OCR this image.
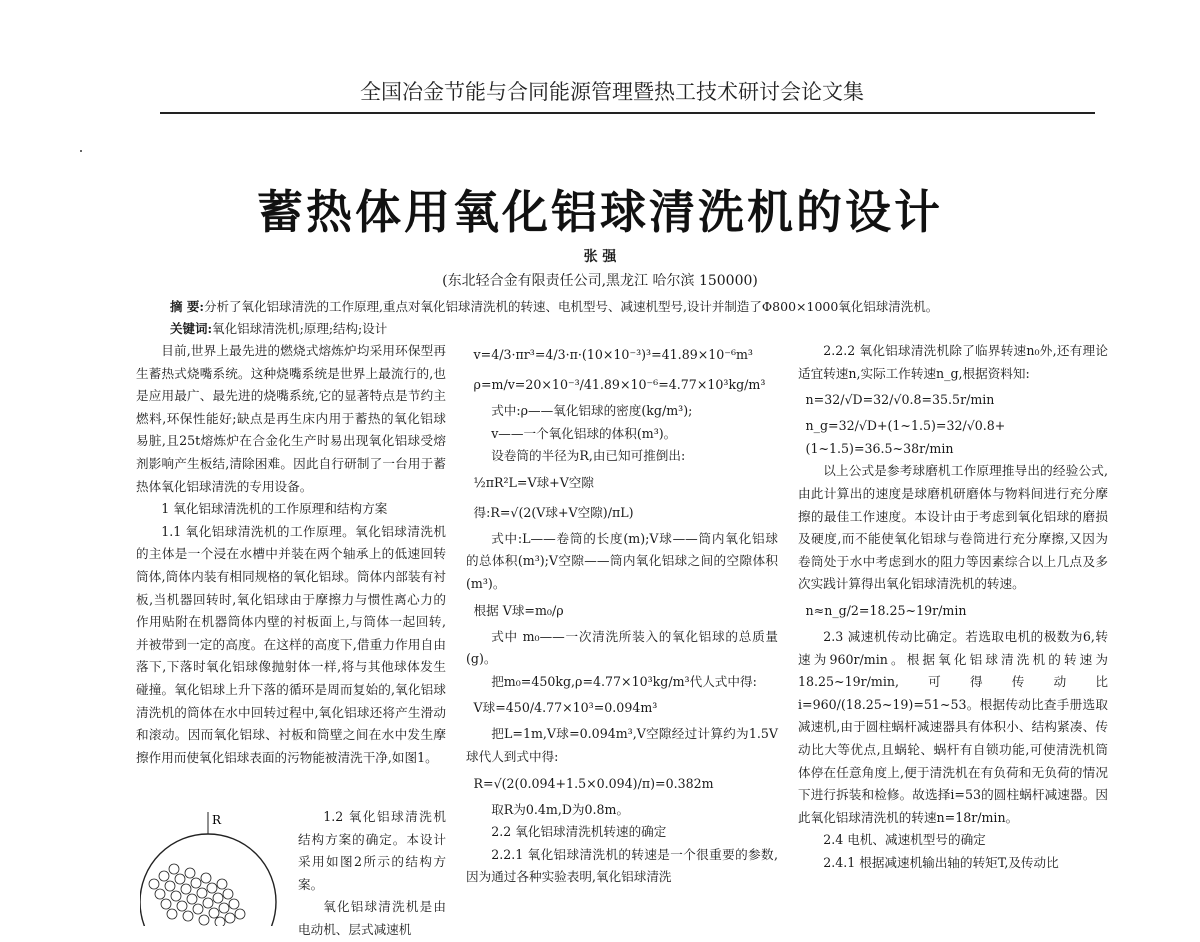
全国冶金节能与合同能源管理暨热工技术研讨会论文集
蓄热体用氧化铝球清洗机的设计
张 强
(东北轻合金有限责任公司,黑龙江 哈尔滨 150000)
摘 要:分析了氧化铝球清洗的工作原理,重点对氧化铝球清洗机的转速、电机型号、减速机型号,设计并制造了Φ800×1000氧化铝球清洗机。
关键词:氧化铝球清洗机;原理;结构;设计

目前,世界上最先进的燃烧式熔炼炉均采用环保型再生蓄热式烧嘴系统。这种烧嘴系统是世界上最流行的,也是应用最广、最先进的烧嘴系统,它的显著特点是节约主燃料,环保性能好;缺点是再生床内用于蓄热的氧化铝球易脏,且25t熔炼炉在合金化生产时易出现氧化铝球受熔剂影响产生板结,清除困难。因此自行研制了一台用于蓄热体氧化铝球清洗的专用设备。

1 氧化铝球清洗机的工作原理和结构方案

1.1 氧化铝球清洗机的工作原理。氧化铝球清洗机的主体是一个浸在水槽中并装在两个轴承上的低速回转筒体,筒体内装有相同规格的氧化铝球。筒体内部装有衬板,当机器回转时,氧化铝球由于摩擦力与惯性离心力的作用贴附在机器筒体内壁的衬板面上,与筒体一起回转,并被带到一定的高度。在这样的高度下,借重力作用自由落下,下落时氧化铝球像抛射体一样,将与其他球体发生碰撞。氧化铝球上升下落的循环是周而复始的,氧化铝球清洗机的筒体在水中回转过程中,氧化铝球还将产生滑动和滚动。因而氧化铝球、衬板和筒壁之间在水中发生摩擦作用而使氧化铝球表面的污物能被清洗干净,如图1。

R	1.2 氧化铝球清洗机结构方案的确定。本设计采用如图2所示的结构方案。

氧化铝球清洗机是由电动机、层式减速机

v=4/3·πr³=4/3·π·(10×10⁻³)³=41.89×10⁻⁶m³

ρ=m/v=20×10⁻³/41.89×10⁻⁶=4.77×10³kg/m³

式中:ρ——氧化铝球的密度(kg/m³);

v——一个氧化铝球的体积(m³)。

设卷筒的半径为R,由已知可推倒出:

½πR²L=V球+V空隙

得:R=√(2(V球+V空隙)/πL)

式中:L——卷筒的长度(m);V球——筒内氧化铝球的总体积(m³);V空隙——筒内氧化铝球之间的空隙体积(m³)。

根据 V球=m₀/ρ

式中 m₀——一次清洗所装入的氧化铝球的总质量(g)。

把m₀=450kg,ρ=4.77×10³kg/m³代人式中得:

V球=450/4.77×10³=0.094m³

把L=1m,V球=0.094m³,V空隙经过计算约为1.5V球代人到式中得:

R=√(2(0.094+1.5×0.094)/π)=0.382m

取R为0.4m,D为0.8m。

2.2 氧化铝球清洗机转速的确定

2.2.1 氧化铝球清洗机的转速是一个很重要的参数,因为通过各种实验表明,氧化铝球清洗

2.2.2 氧化铝球清洗机除了临界转速n₀外,还有理论适宜转速n,实际工作转速n_g,根据资料知:

n=32/√D=32/√0.8=35.5r/min

n_g=32/√D+(1~1.5)=32/√0.8+(1~1.5)=36.5~38r/min

以上公式是参考球磨机工作原理推导出的经验公式,由此计算出的速度是球磨机研磨体与物料间进行充分摩擦的最佳工作速度。本设计由于考虑到氧化铝球的磨损及硬度,而不能使氧化铝球与卷筒进行充分摩擦,又因为卷筒处于水中考虑到水的阻力等因素综合以上几点及多次实践计算得出氧化铝球清洗机的转速。

n≈n_g/2=18.25~19r/min

2.3 减速机传动比确定。若选取电机的极数为6,转速为960r/min。根据氧化铝球清洗机的转速为18.25~19r/min,可得传动比i=960/(18.25~19)=51~53。根据传动比查手册选取减速机,由于圆柱蜗杆减速器具有体积小、结构紧凑、传动比大等优点,且蜗轮、蜗杆有自锁功能,可使清洗机筒体停在任意角度上,便于清洗机在有负荷和无负荷的情况下进行拆装和检修。故选择i=53的圆柱蜗杆减速器。因此氧化铝球清洗机的转速n=18r/min。

2.4 电机、减速机型号的确定

2.4.1 根据减速机输出轴的转矩T,及传动比
